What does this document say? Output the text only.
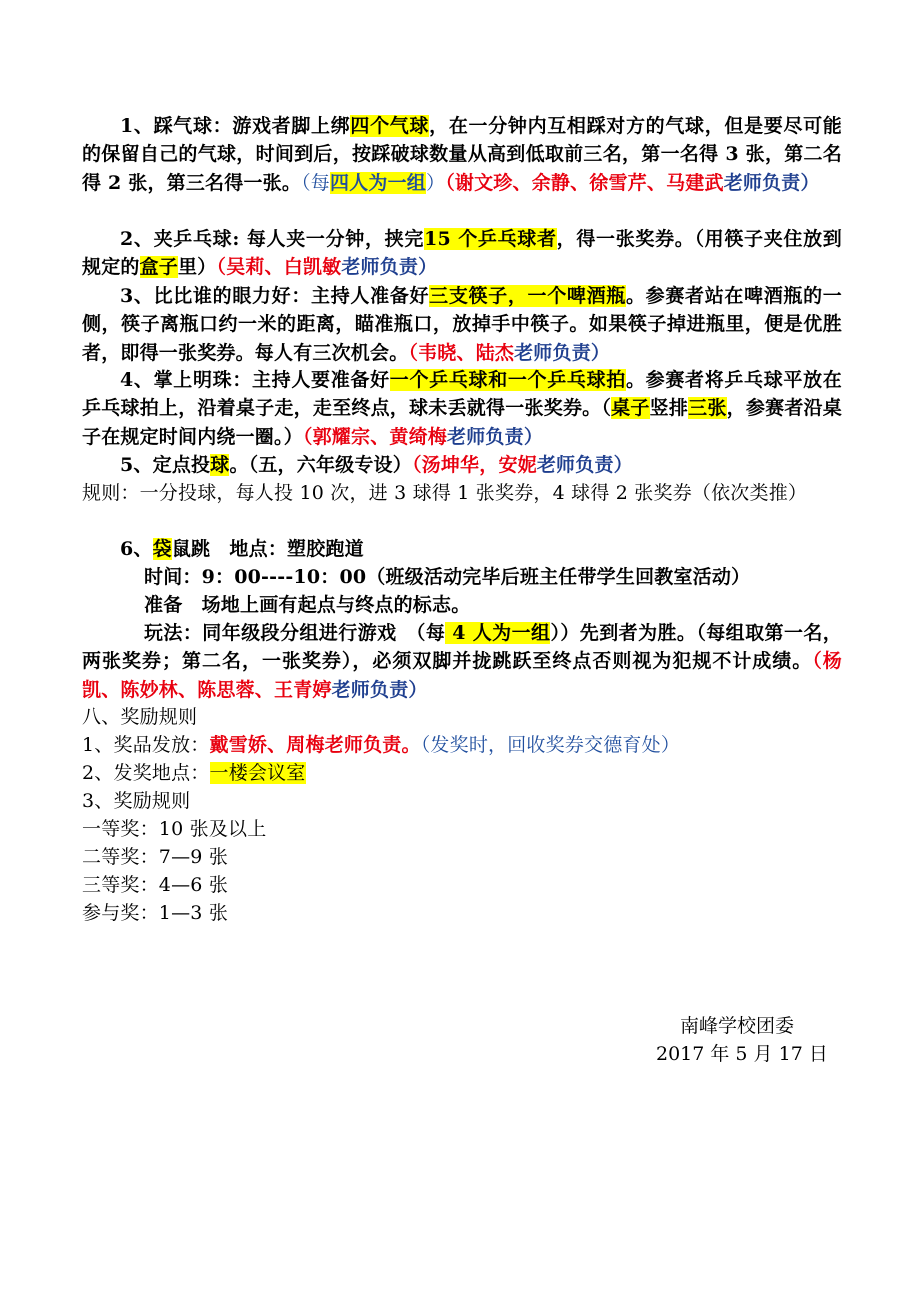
1、踩气球：游戏者脚上绑四个气球，在一分钟内互相踩对方的气球，但是要尽可能的保留自己的气球，时间到后，按踩破球数量从高到低取前三名，第一名得 3 张，第二名得 2 张，第三名得一张。（每四人为一组）（谢文珍、余静、徐雪芹、马建武老师负责）
2、夹乒乓球: 每人夹一分钟，挟完15 个乒乓球者，得一张奖券。（用筷子夹住放到规定的盒子里）（吴莉、白凯敏老师负责）
3、比比谁的眼力好：主持人准备好三支筷子，一个啤酒瓶。参赛者站在啤酒瓶的一侧，筷子离瓶口约一米的距离，瞄准瓶口，放掉手中筷子。如果筷子掉进瓶里，便是优胜者，即得一张奖券。每人有三次机会。（韦晓、陆杰老师负责）
4、掌上明珠：主持人要准备好一个乒乓球和一个乒乓球拍。参赛者将乒乓球平放在乒乓球拍上，沿着桌子走，走至终点，球未丢就得一张奖券。（桌子竖排三张，参赛者沿桌子在规定时间内绕一圈。）（郭耀宗、黄绮梅老师负责）
5、定点投球。（五，六年级专设）（汤坤华，安妮老师负责）
规则：一分投球，每人投 10 次，进 3 球得 1 张奖券，4 球得 2 张奖券（依次类推）
6、袋鼠跳　地点：塑胶跑道
时间：9：00----10：00（班级活动完毕后班主任带学生回教室活动）
准备　场地上画有起点与终点的标志。
玩法：同年级段分组进行游戏　（每 4 人为一组））先到者为胜。（每组取第一名，两张奖券；第二名，一张奖券），必须双脚并拢跳跃至终点否则视为犯规不计成绩。（杨凯、陈妙林、陈思蓉、王青婷老师负责）
八、奖励规则
1、奖品发放：戴雪娇、周梅老师负责。（发奖时，回收奖券交德育处）
2、发奖地点：一楼会议室
3、奖励规则
一等奖：10 张及以上
二等奖：7—9 张
三等奖：4—6 张
参与奖：1—3 张
南峰学校团委
2017 年 5 月 17 日
